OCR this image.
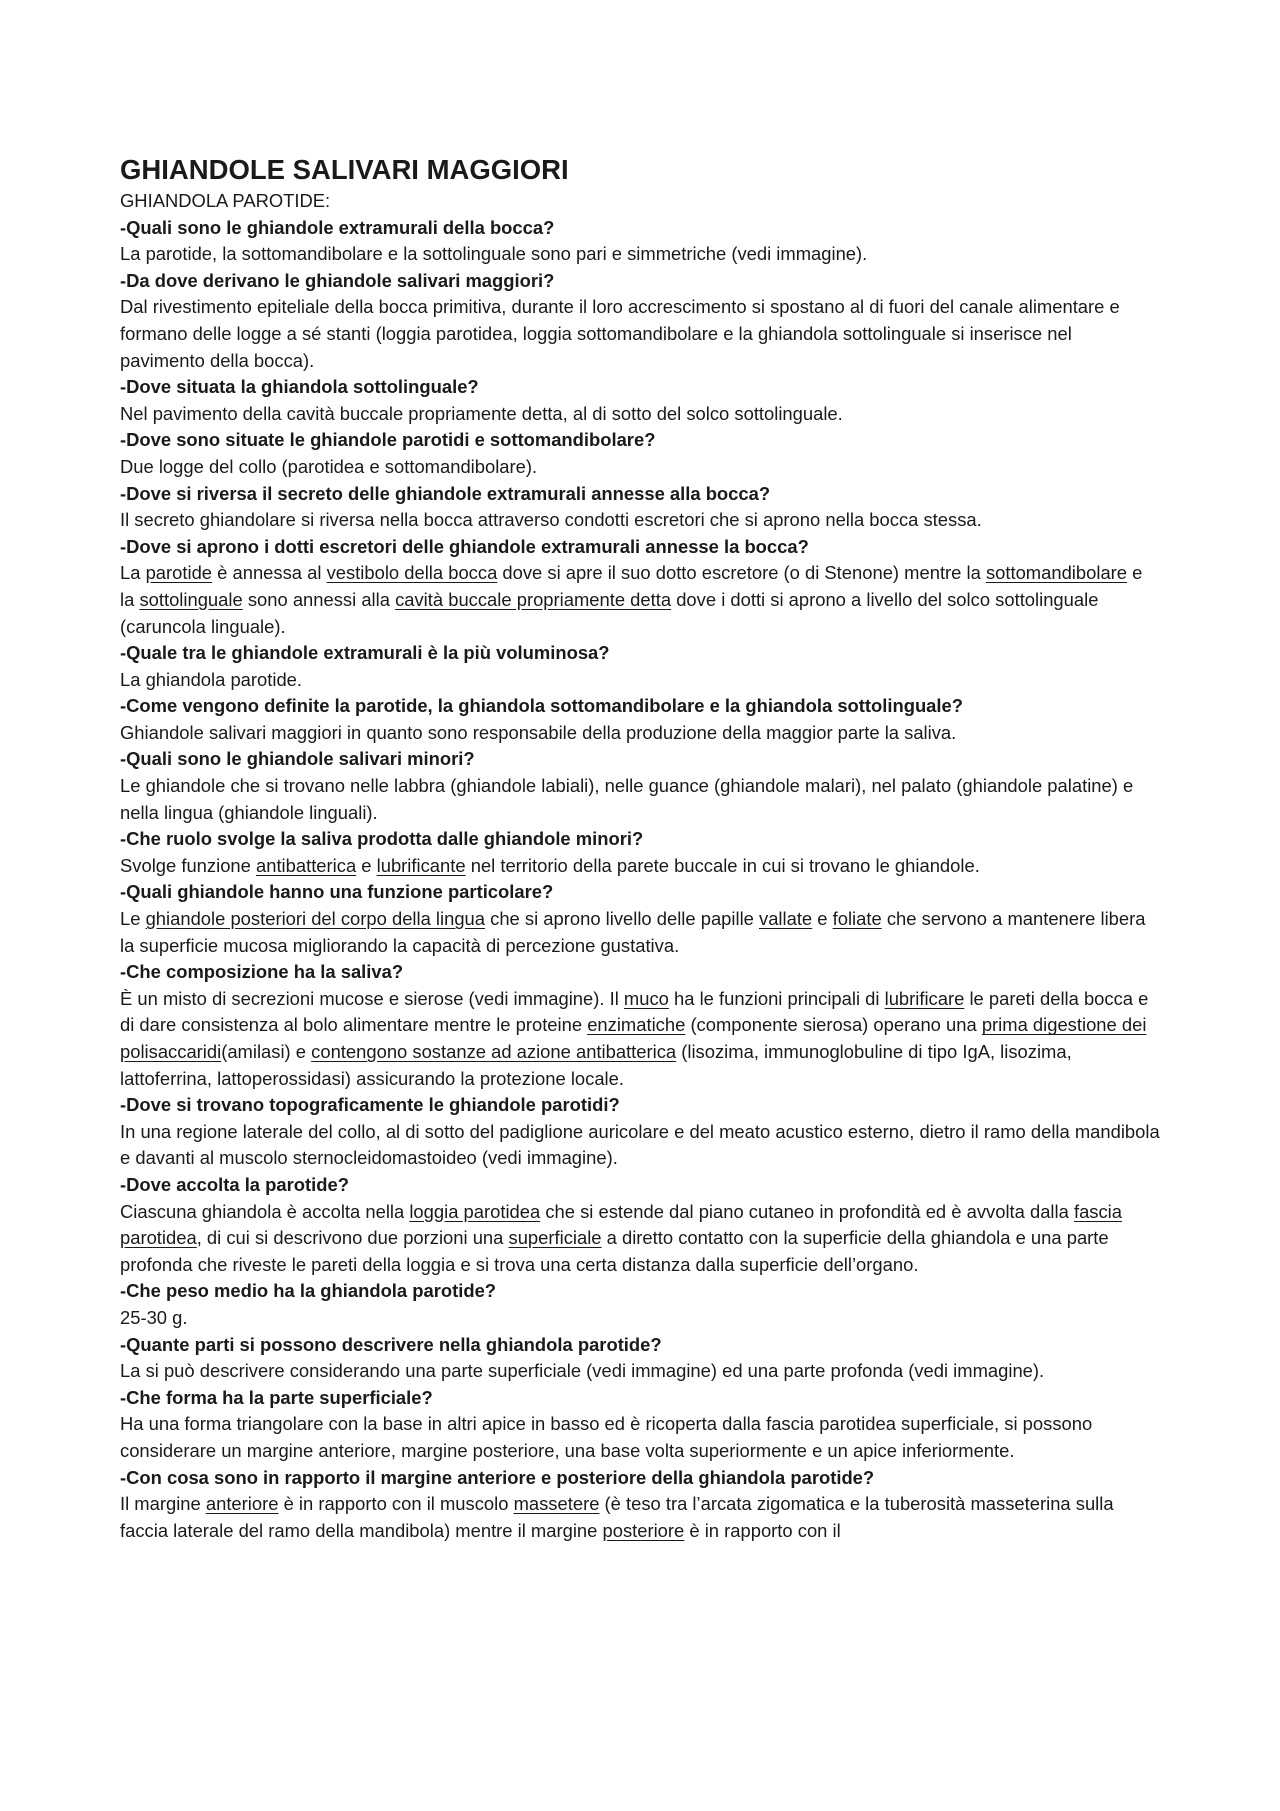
GHIANDOLE SALIVARI MAGGIORI

GHIANDOLA PAROTIDE:

-Quali sono le ghiandole extramurali della bocca?

La parotide, la sottomandibolare e la sottolinguale sono pari e simmetriche (vedi immagine).

-Da dove derivano le ghiandole salivari maggiori?

Dal rivestimento epiteliale della bocca primitiva, durante il loro accrescimento si spostano al di fuori del canale alimentare e formano delle logge a sé stanti (loggia parotidea, loggia sottomandibolare e la ghiandola sottolinguale si inserisce nel pavimento della bocca).

-Dove situata la ghiandola sottolinguale?

Nel pavimento della cavità buccale propriamente detta, al di sotto del solco sottolinguale.

-Dove sono situate le ghiandole parotidi e sottomandibolare?

Due logge del collo (parotidea e sottomandibolare).

-Dove si riversa il secreto delle ghiandole extramurali annesse alla bocca?

Il secreto ghiandolare si riversa nella bocca attraverso condotti escretori che si aprono nella bocca stessa.

-Dove si aprono i dotti escretori delle ghiandole extramurali annesse la bocca?

La parotide è annessa al vestibolo della bocca dove si apre il suo dotto escretore (o di Stenone) mentre la sottomandibolare e la sottolinguale sono annessi alla cavità buccale propriamente detta dove i dotti si aprono a livello del solco sottolinguale (caruncola linguale).

-Quale tra le ghiandole extramurali è la più voluminosa?

La ghiandola parotide.

-Come vengono definite la parotide, la ghiandola sottomandibolare e la ghiandola sottolinguale?

Ghiandole salivari maggiori in quanto sono responsabile della produzione della maggior parte la saliva.

-Quali sono le ghiandole salivari minori?

Le ghiandole che si trovano nelle labbra (ghiandole labiali), nelle guance (ghiandole malari), nel palato (ghiandole palatine) e nella lingua (ghiandole linguali).

-Che ruolo svolge la saliva prodotta dalle ghiandole minori?

Svolge funzione antibatterica e lubrificante nel territorio della parete buccale in cui si trovano le ghiandole.

-Quali ghiandole hanno una funzione particolare?

Le ghiandole posteriori del corpo della lingua che si aprono livello delle papille vallate e foliate che servono a mantenere libera la superficie mucosa migliorando la capacità di percezione gustativa.

-Che composizione ha la saliva?

È un misto di secrezioni mucose e sierose (vedi immagine). Il muco ha le funzioni principali di lubrificare le pareti della bocca e di dare consistenza al bolo alimentare mentre le proteine enzimatiche (componente sierosa) operano una prima digestione dei polisaccaridi(amilasi) e contengono sostanze ad azione antibatterica (lisozima, immunoglobuline di tipo IgA, lisozima, lattoferrina, lattoperossidasi) assicurando la protezione locale.

-Dove si trovano topograficamente le ghiandole parotidi?

In una regione laterale del collo, al di sotto del padiglione auricolare e del meato acustico esterno, dietro il ramo della mandibola e davanti al muscolo sternocleidomastoideo (vedi immagine).

-Dove accolta la parotide?

Ciascuna ghiandola è accolta nella loggia parotidea che si estende dal piano cutaneo in profondità ed è avvolta dalla fascia parotidea, di cui si descrivono due porzioni una superficiale a diretto contatto con la superficie della ghiandola e una parte profonda che riveste le pareti della loggia e si trova una certa distanza dalla superficie dell’organo.

-Che peso medio ha la ghiandola parotide?

25-30 g.

-Quante parti si possono descrivere nella ghiandola parotide?

La si può descrivere considerando una parte superficiale (vedi immagine) ed una parte profonda (vedi immagine).

-Che forma ha la parte superficiale?

Ha una forma triangolare con la base in altri apice in basso ed è ricoperta dalla fascia parotidea superficiale, si possono considerare un margine anteriore, margine posteriore, una base volta superiormente e un apice inferiormente.

-Con cosa sono in rapporto il margine anteriore e posteriore della ghiandola parotide?

Il margine anteriore è in rapporto con il muscolo massetere (è teso tra l’arcata zigomatica e la tuberosità masseterina sulla faccia laterale del ramo della mandibola) mentre il margine posteriore è in rapporto con il
